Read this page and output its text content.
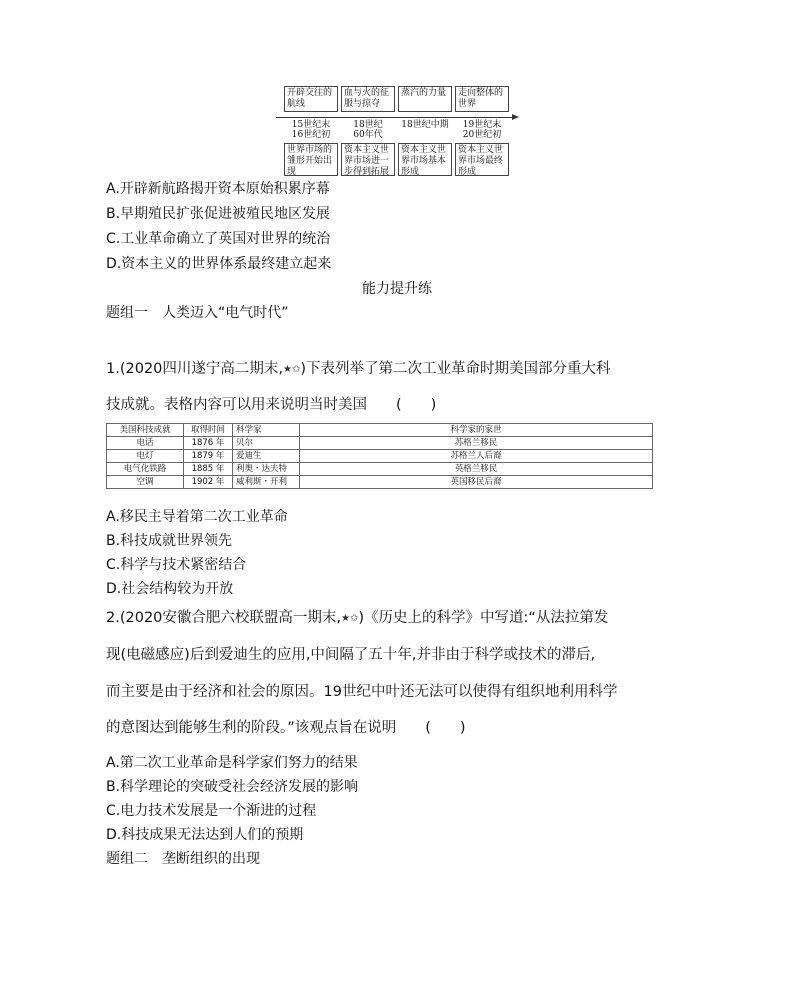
开辟交往的航线
血与火的征服与掠夺
蒸汽的力量	走向整体的世界
15世纪末
16世纪初
18世纪
60年代
18世纪中期	19世纪末
20世纪初
世界市场的雏形开始出现
资本主义世界市场进一步得到拓展
资本主义世界市场基本形成
资本主义世界市场最终形成
A.开辟新航路揭开资本原始积累序幕
B.早期殖民扩张促进被殖民地区发展
C.工业革命确立了英国对世界的统治
D.资本主义的世界体系最终建立起来
能力提升练
题组一　人类迈入“电气时代”
1.(2020四川遂宁高二期末,★✩)下表列举了第二次工业革命时期美国部分重大科
技成就。表格内容可以用来说明当时美国　　(　　)
美国科技成就	取得时间	科学家	科学家的家世
电话	1876 年	贝尔	苏格兰移民
电灯	1879 年	爱迪生	苏格兰人后裔
电气化铁路	1885 年	利奥・达夫特	英格兰移民
空调	1902 年	威利斯・开利	英国移民后裔
A.移民主导着第二次工业革命
B.科技成就世界领先
C.科学与技术紧密结合
D.社会结构较为开放
2.(2020安徽合肥六校联盟高一期末,★✩)《历史上的科学》中写道:“从法拉第发
现(电磁感应)后到爱迪生的应用,中间隔了五十年,并非由于科学或技术的滞后,
而主要是由于经济和社会的原因。19世纪中叶还无法可以使得有组织地利用科学
的意图达到能够生利的阶段。”该观点旨在说明　　(　　)
A.第二次工业革命是科学家们努力的结果
B.科学理论的突破受社会经济发展的影响
C.电力技术发展是一个渐进的过程
D.科技成果无法达到人们的预期
题组二　垄断组织的出现
